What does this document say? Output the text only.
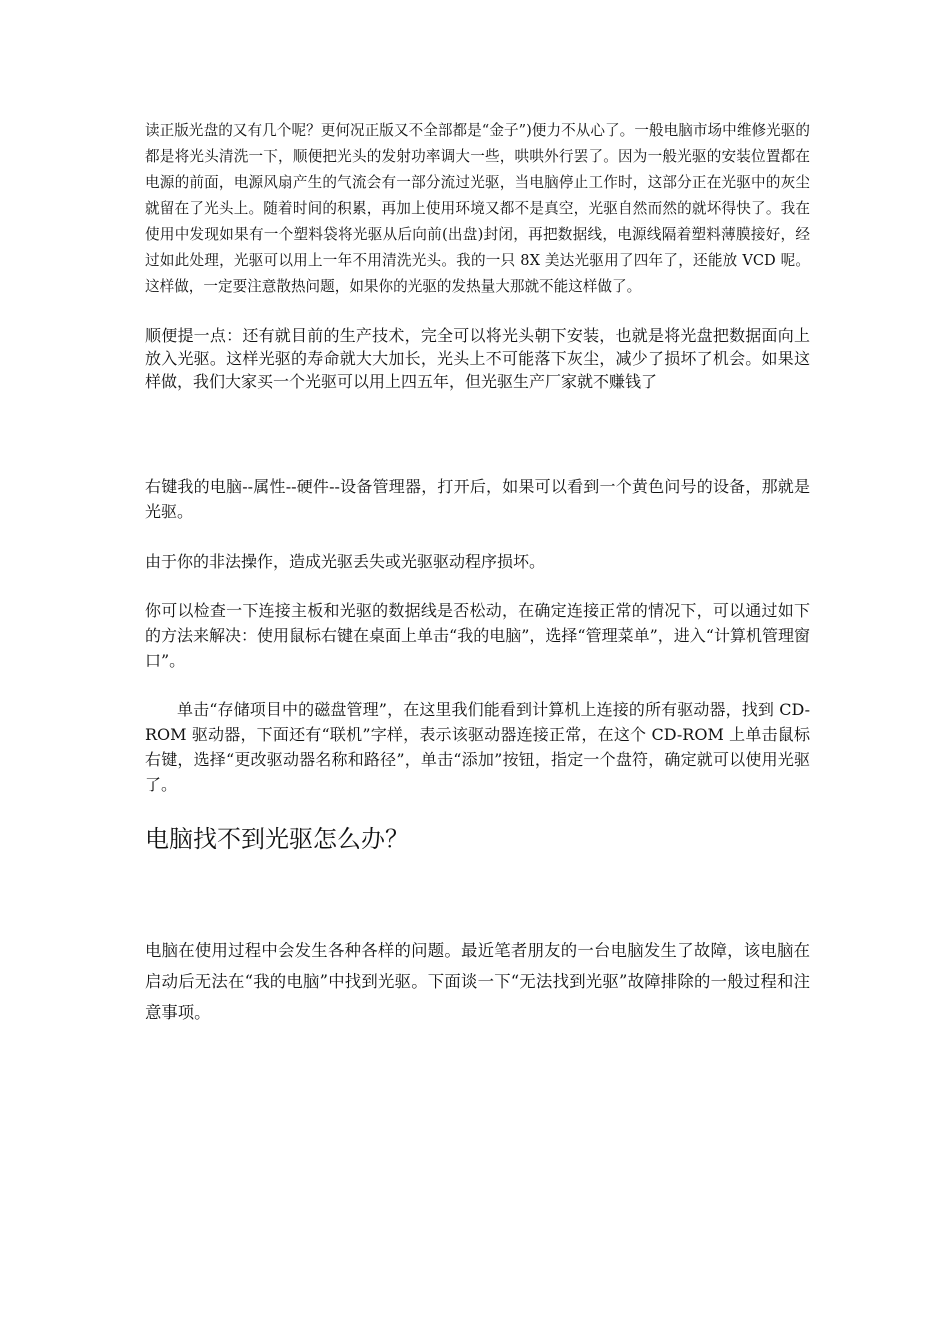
读正版光盘的又有几个呢？更何况正版又不全部都是“金子”)便力不从心了。一般电脑市场中维修光驱的都是将光头清洗一下，顺便把光头的发射功率调大一些，哄哄外行罢了。因为一般光驱的安装位置都在电源的前面，电源风扇产生的气流会有一部分流过光驱，当电脑停止工作时，这部分正在光驱中的灰尘就留在了光头上。随着时间的积累，再加上使用环境又都不是真空，光驱自然而然的就坏得快了。我在使用中发现如果有一个塑料袋将光驱从后向前(出盘)封闭，再把数据线，电源线隔着塑料薄膜接好，经过如此处理，光驱可以用上一年不用清洗光头。我的一只 8X 美达光驱用了四年了，还能放 VCD 呢。这样做，一定要注意散热问题，如果你的光驱的发热量大那就不能这样做了。

顺便提一点：还有就目前的生产技术，完全可以将光头朝下安装，也就是将光盘把数据面向上放入光驱。这样光驱的寿命就大大加长，光头上不可能落下灰尘，减少了损坏了机会。如果这样做，我们大家买一个光驱可以用上四五年，但光驱生产厂家就不赚钱了

右键我的电脑--属性--硬件--设备管理器，打开后，如果可以看到一个黄色问号的设备，那就是光驱。

由于你的非法操作，造成光驱丢失或光驱驱动程序损坏。

你可以检查一下连接主板和光驱的数据线是否松动，在确定连接正常的情况下，可以通过如下的方法来解决：使用鼠标右键在桌面上单击“我的电脑”，选择“管理菜单”，进入“计算机管理窗口”。

单击“存储项目中的磁盘管理”，在这里我们能看到计算机上连接的所有驱动器，找到 CD-ROM 驱动器，下面还有“联机”字样，表示该驱动器连接正常，在这个 CD-ROM 上单击鼠标右键，选择“更改驱动器名称和路径”，单击“添加”按钮，指定一个盘符，确定就可以使用光驱了。

电脑找不到光驱怎么办？

电脑在使用过程中会发生各种各样的问题。最近笔者朋友的一台电脑发生了故障，该电脑在启动后无法在“我的电脑”中找到光驱。下面谈一下“无法找到光驱”故障排除的一般过程和注意事项。
